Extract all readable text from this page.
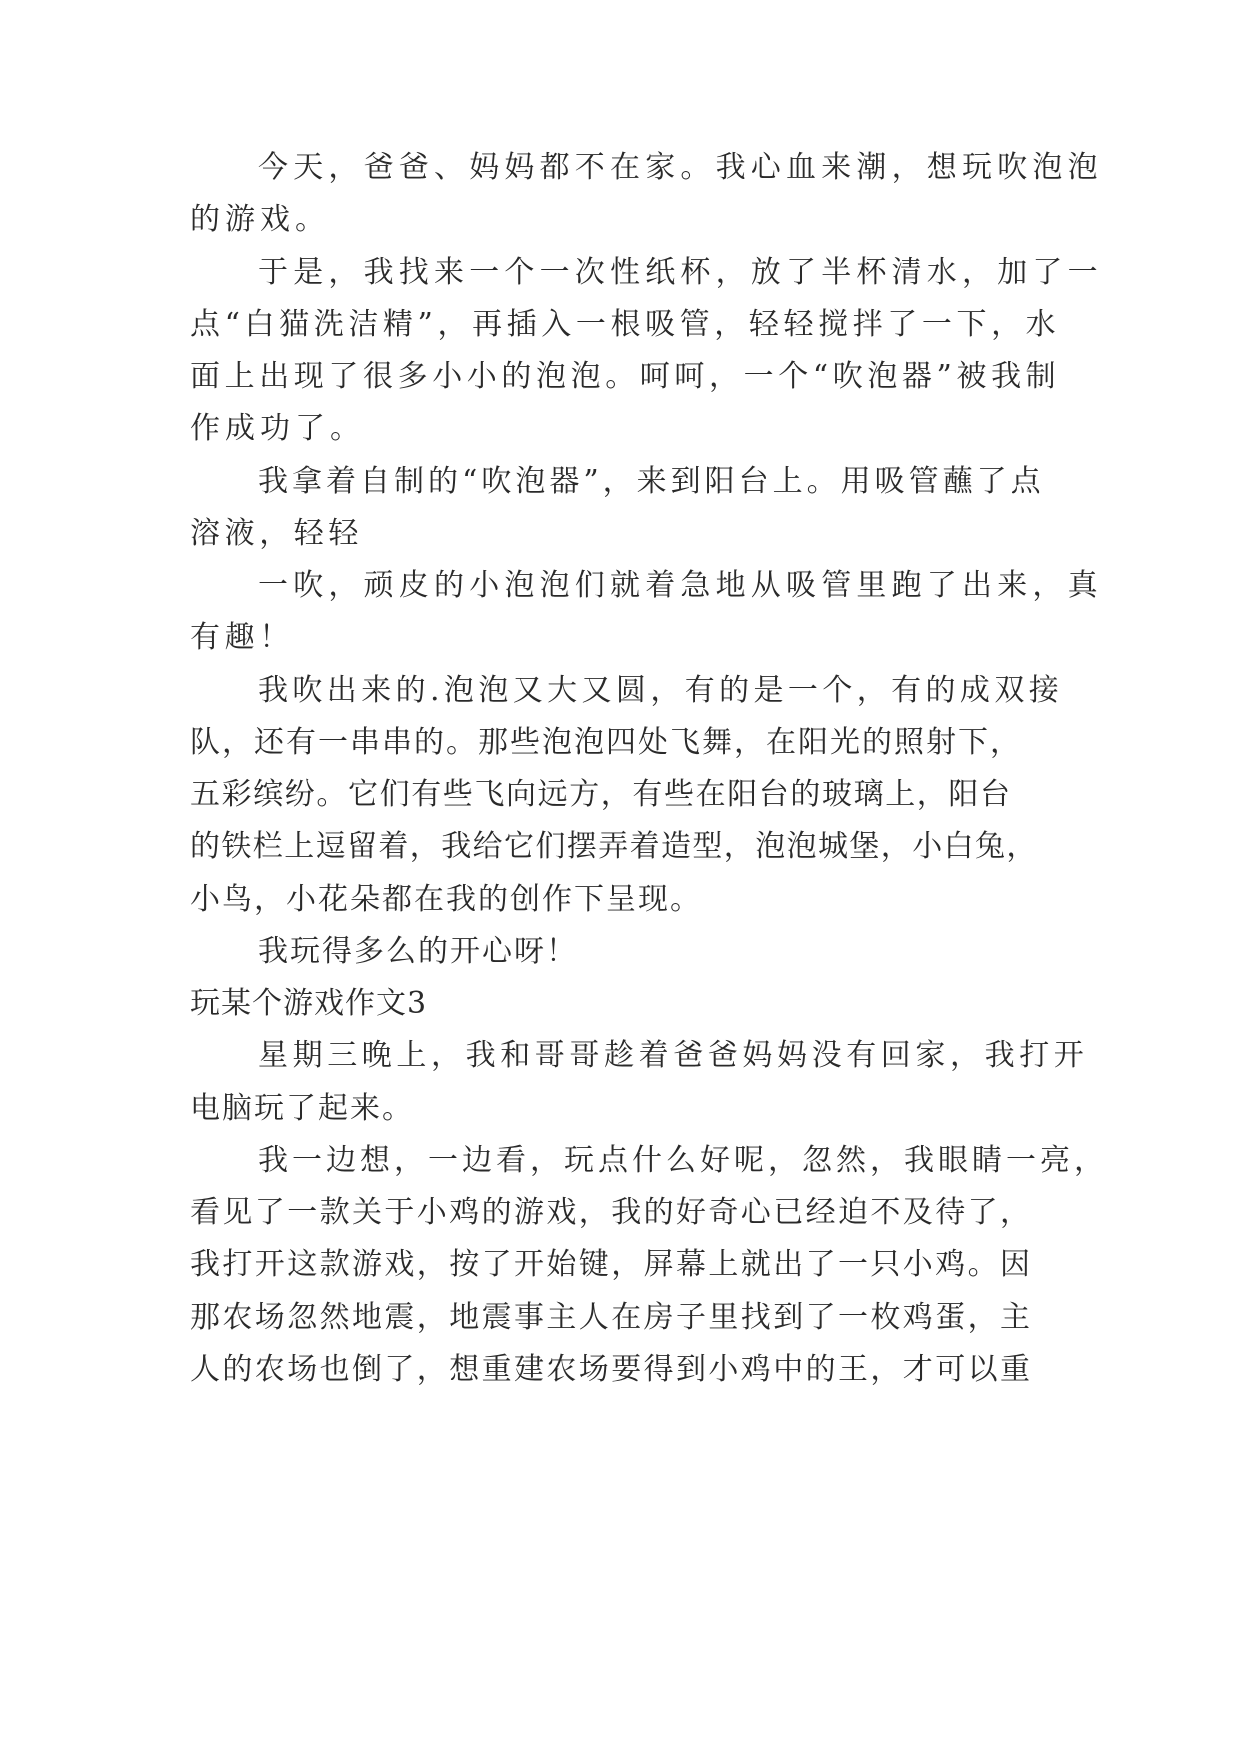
今天，爸爸、妈妈都不在家。我心血来潮，想玩吹泡泡

的游戏。

于是，我找来一个一次性纸杯，放了半杯清水，加了一

点“白猫洗洁精”，再插入一根吸管，轻轻搅拌了一下，水

面上出现了很多小小的泡泡。呵呵，一个“吹泡器”被我制

作成功了。

我拿着自制的“吹泡器”，来到阳台上。用吸管蘸了点

溶液，轻轻

一吹，顽皮的小泡泡们就着急地从吸管里跑了出来，真

有趣！

我吹出来的.泡泡又大又圆，有的是一个，有的成双接

队，还有一串串的。那些泡泡四处飞舞，在阳光的照射下，

五彩缤纷。它们有些飞向远方，有些在阳台的玻璃上，阳台

的铁栏上逗留着，我给它们摆弄着造型，泡泡城堡，小白兔，

小鸟，小花朵都在我的创作下呈现。

我玩得多么的开心呀！

玩某个游戏作文3

星期三晚上，我和哥哥趁着爸爸妈妈没有回家，我打开

电脑玩了起来。

我一边想，一边看，玩点什么好呢，忽然，我眼睛一亮，

看见了一款关于小鸡的游戏，我的好奇心已经迫不及待了，

我打开这款游戏，按了开始键，屏幕上就出了一只小鸡。因

那农场忽然地震，地震事主人在房子里找到了一枚鸡蛋，主

人的农场也倒了，想重建农场要得到小鸡中的王，才可以重
